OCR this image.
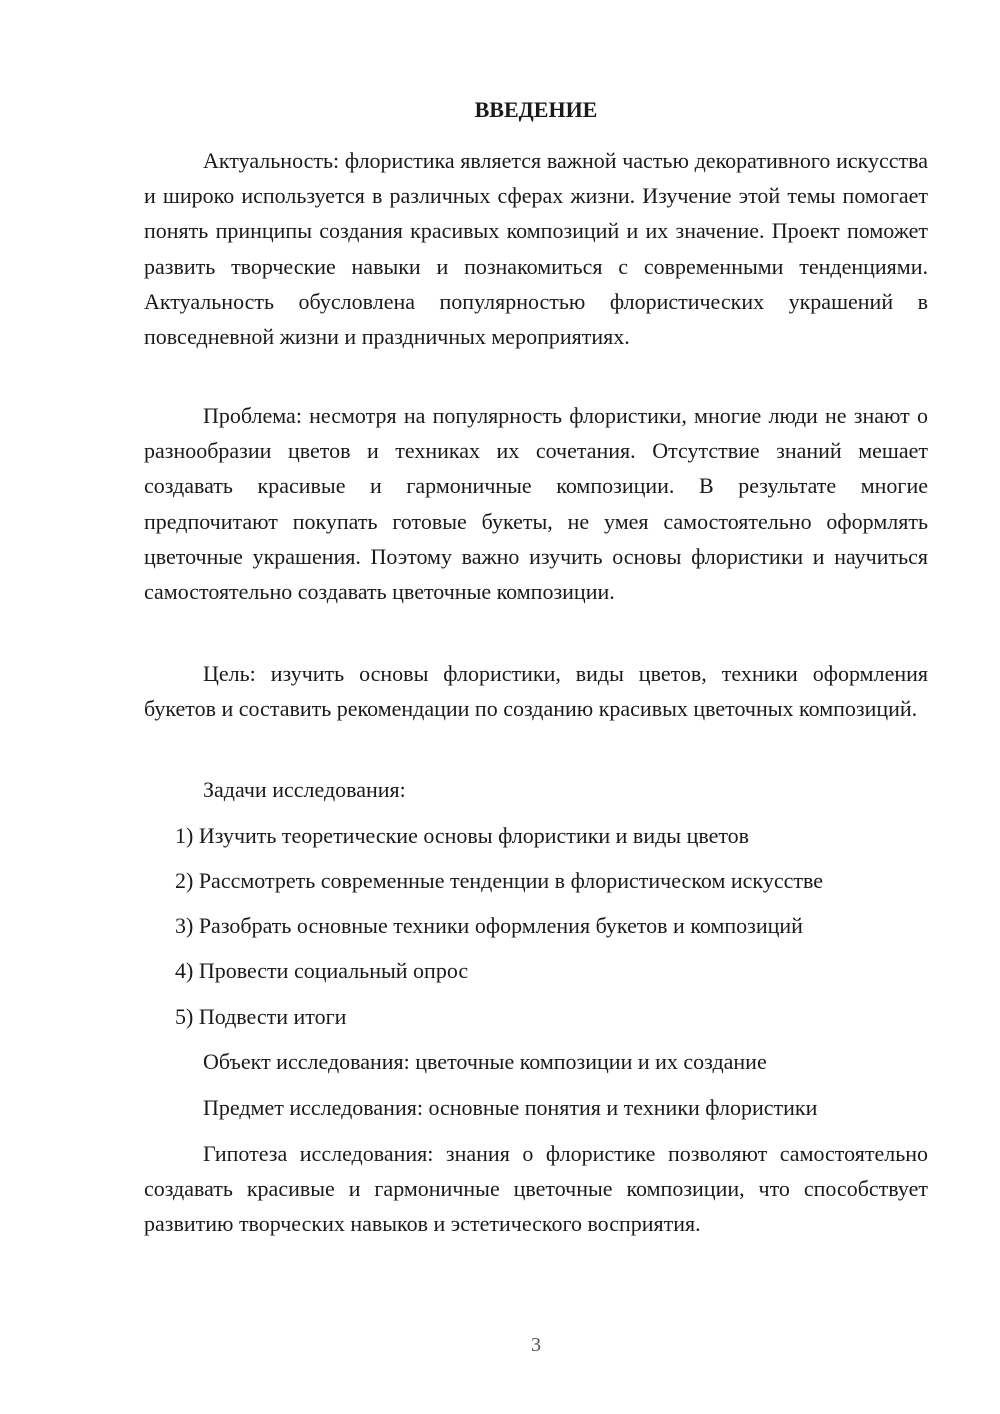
ВВЕДЕНИЕ

Актуальность: флористика является важной частью декоративного искусства и широко используется в различных сферах жизни. Изучение этой темы помогает понять принципы создания красивых композиций и их значение. Проект поможет развить творческие навыки и познакомиться с современными тенденциями. Актуальность обусловлена популярностью флористических украшений в повседневной жизни и праздничных мероприятиях.

Проблема: несмотря на популярность флористики, многие люди не знают о разнообразии цветов и техниках их сочетания. Отсутствие знаний мешает создавать красивые и гармоничные композиции. В результате многие предпочитают покупать готовые букеты, не умея самостоятельно оформлять цветочные украшения. Поэтому важно изучить основы флористики и научиться самостоятельно создавать цветочные композиции.

Цель: изучить основы флористики, виды цветов, техники оформления букетов и составить рекомендации по созданию красивых цветочных композиций.

Задачи исследования:

1) Изучить теоретические основы флористики и виды цветов

2) Рассмотреть современные тенденции в флористическом искусстве

3) Разобрать основные техники оформления букетов и композиций

4) Провести социальный опрос

5) Подвести итоги

Объект исследования: цветочные композиции и их создание

Предмет исследования: основные понятия и техники флористики

Гипотеза исследования: знания о флористике позволяют самостоятельно создавать красивые и гармоничные цветочные композиции, что способствует развитию творческих навыков и эстетического восприятия.

3
